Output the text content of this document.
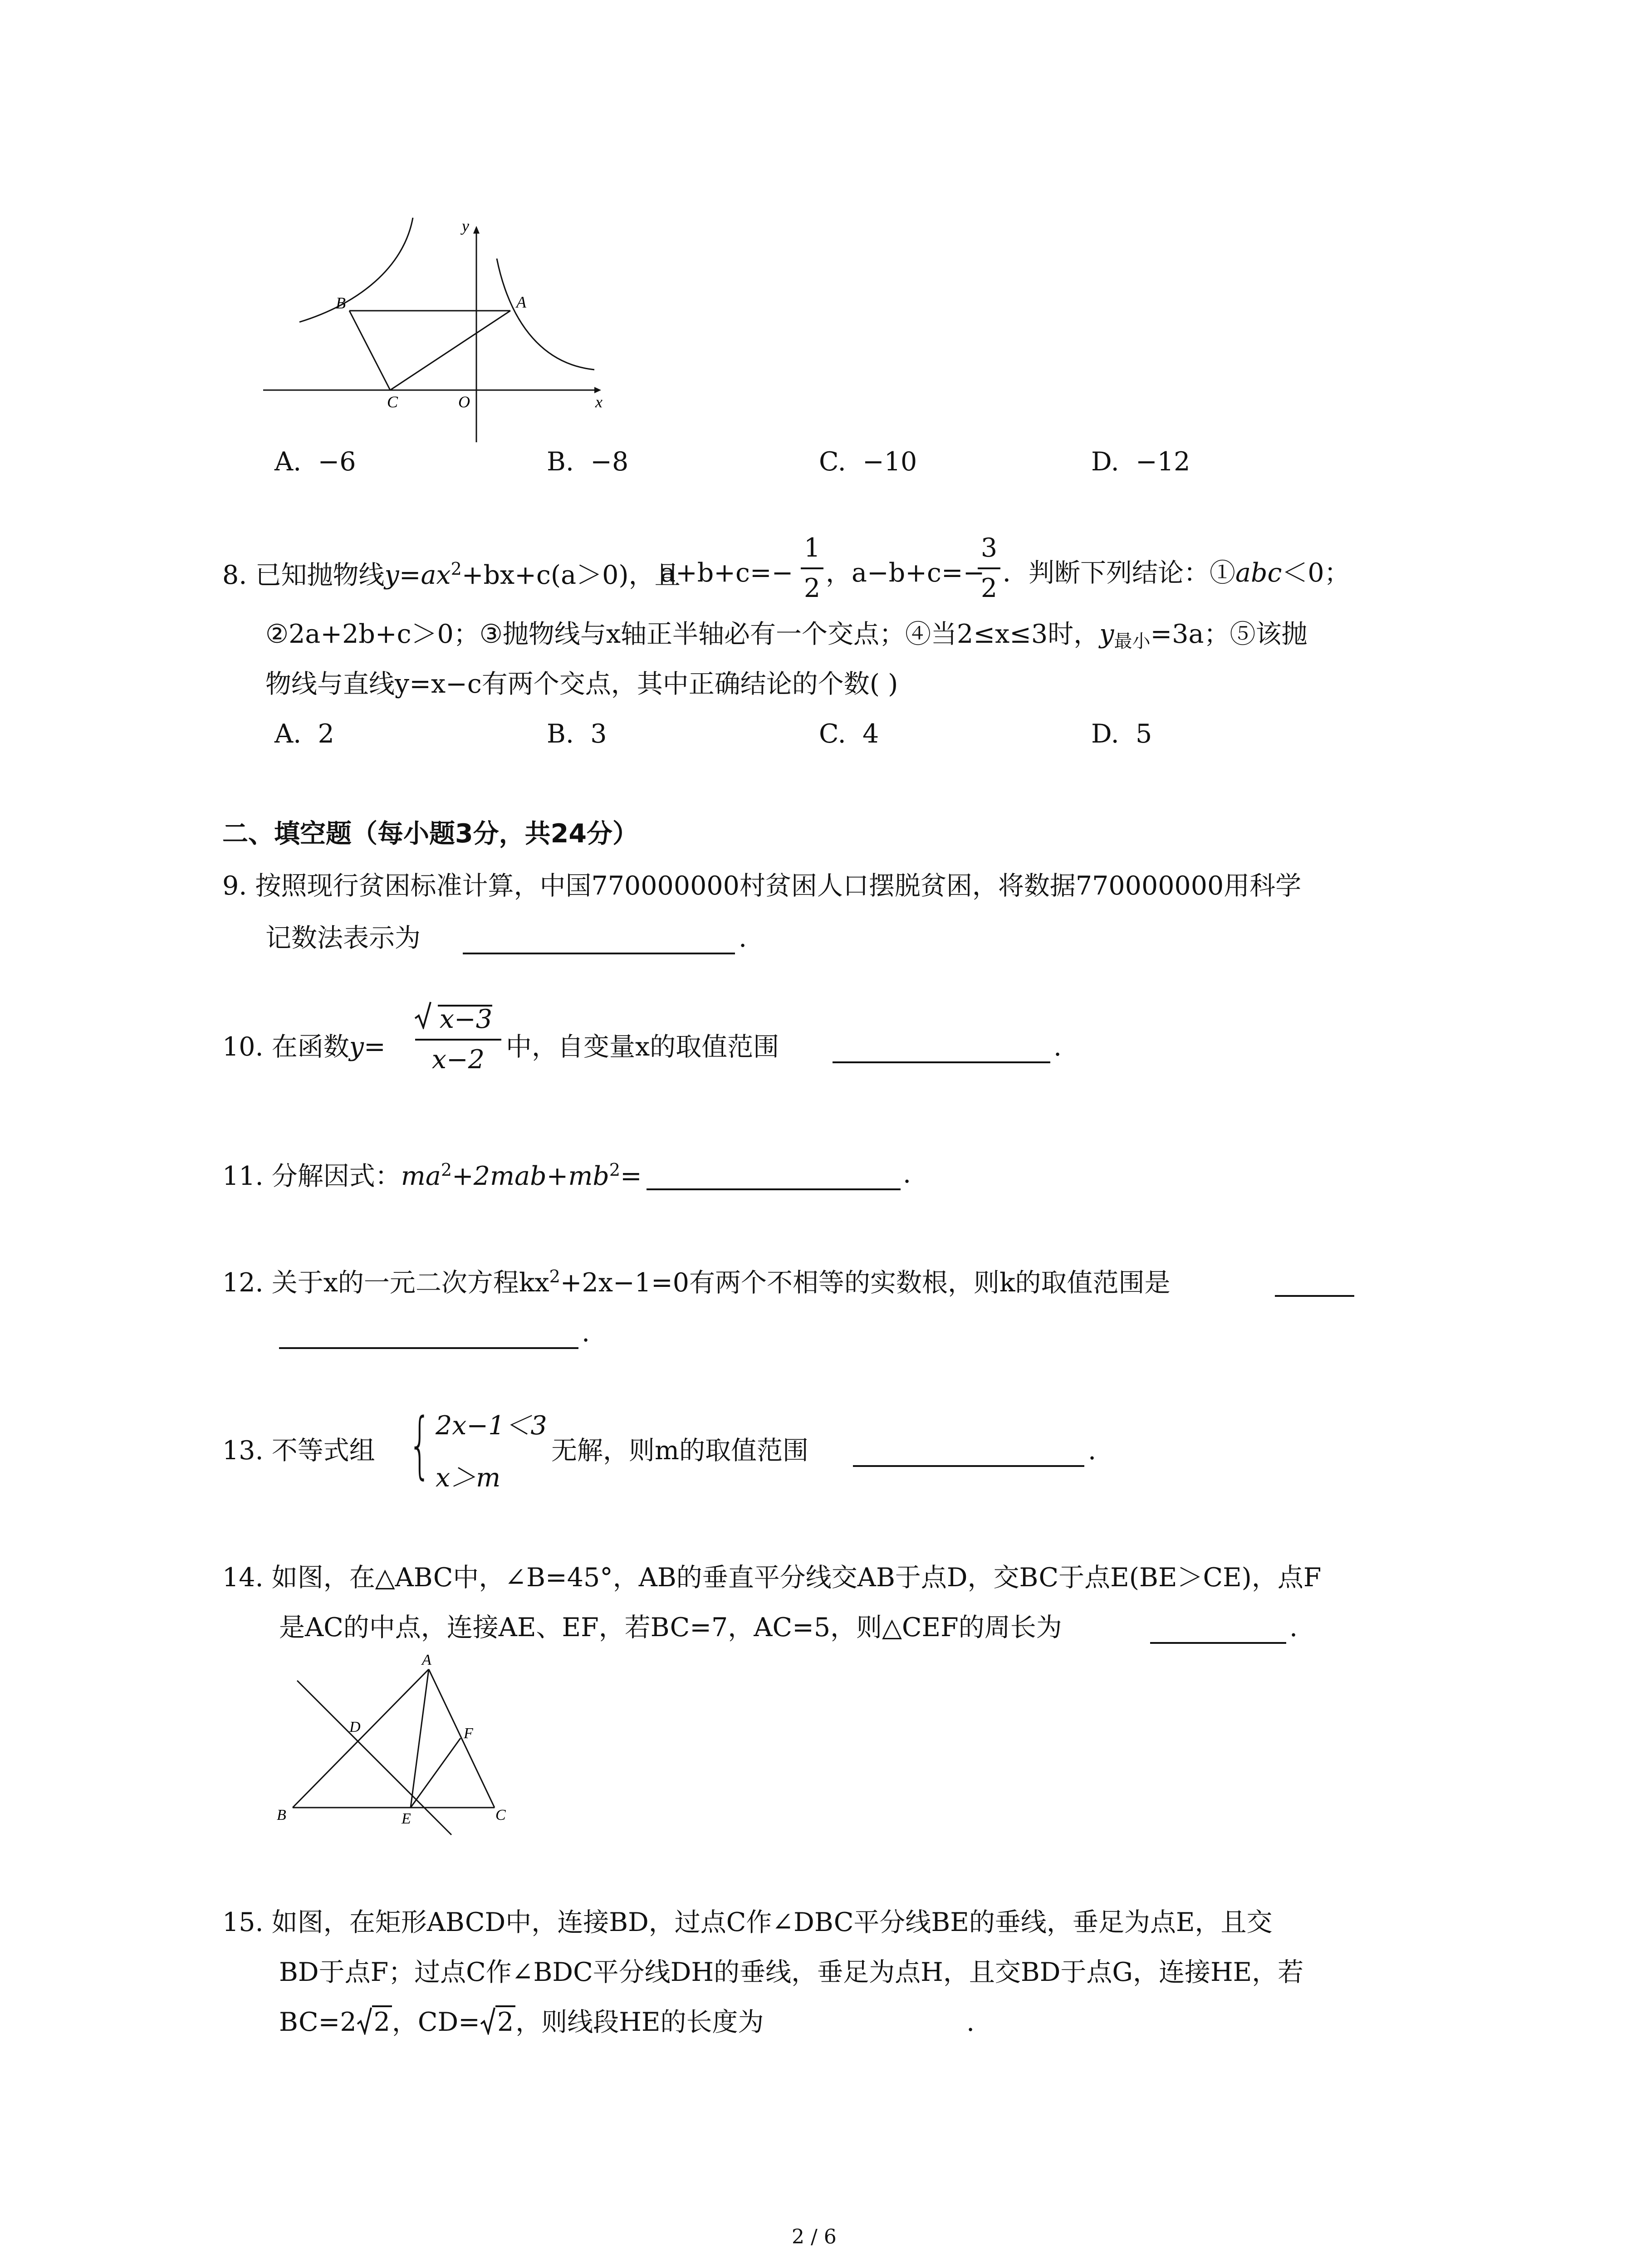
y
x
O
A
B
C
A. −6	B. −8	C. −10	D. −12
8. 已知抛物线$y=ax^2+bx+c(a>0)$，且
a+b+c=−
1
2
，a−b+c=−
3
2
．判断下列结论：①abc＜0；
②2a+2b+c＞0；③抛物线与x轴正半轴必有一个交点；④当2≤x≤3时，$y_{最小}=3a$；⑤该抛
物线与直线y=x−c有两个交点，其中正确结论的个数( )
A. 2	B. 3	C. 4	D. 5
二、填空题（每小题3分，共24分）
9. 按照现行贫困标准计算，中国770000000村贫困人口摆脱贫困，将数据770000000用科学
记数法表示为	.
10. 在函数y=
x−3
x−2 中，自变量x的取值范围	.
11. 分解因式：$ma^2+2mab+mb^2=$	.
12. 关于x的一元二次方程$kx^2+2x-1=0$有两个不相等的实数根，则k的取值范围是
.
13. 不等式组 { 2x−1＜3
x＞m
无解，则m的取值范围	.
14. 如图，在△ABC中，∠B=45°，AB的垂直平分线交AB于点D，交BC于点E(BE＞CE)，点F
是AC的中点，连接AE、EF，若BC=7，AC=5，则△CEF的周长为	.
A
B	C
D
E
F
15. 如图，在矩形ABCD中，连接BD，过点C作∠DBC平分线BE的垂线，垂足为点E，且交
BD于点F；过点C作∠BDC平分线DH的垂线，垂足为点H，且交BD于点G，连接HE，若
BC=2 2，CD= 2，则线段HE的长度为	.
2 / 6
